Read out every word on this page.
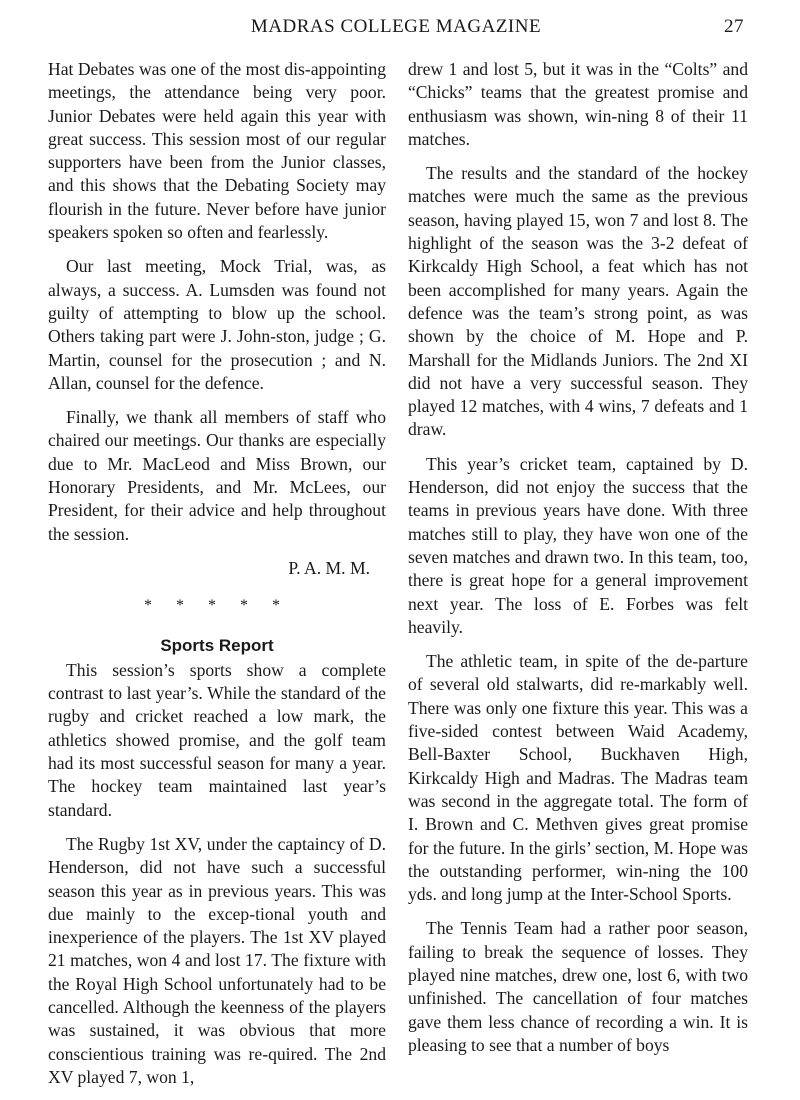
MADRAS COLLEGE MAGAZINE	27

Hat Debates was one of the most dis-appointing meetings, the attendance being very poor. Junior Debates were held again this year with great success. This session most of our regular supporters have been from the Junior classes, and this shows that the Debating Society may flourish in the future. Never before have junior speakers spoken so often and fearlessly.

Our last meeting, Mock Trial, was, as always, a success. A. Lumsden was found not guilty of attempting to blow up the school. Others taking part were J. John-ston, judge ; G. Martin, counsel for the prosecution ; and N. Allan, counsel for the defence.

Finally, we thank all members of staff who chaired our meetings. Our thanks are especially due to Mr. MacLeod and Miss Brown, our Honorary Presidents, and Mr. McLees, our President, for their advice and help throughout the session.

P. A. M. M.
* * * * *
Sports Report

This session’s sports show a complete contrast to last year’s. While the standard of the rugby and cricket reached a low mark, the athletics showed promise, and the golf team had its most successful season for many a year. The hockey team maintained last year’s standard.

The Rugby 1st XV, under the captaincy of D. Henderson, did not have such a successful season this year as in previous years. This was due mainly to the excep-tional youth and inexperience of the players. The 1st XV played 21 matches, won 4 and lost 17. The fixture with the Royal High School unfortunately had to be cancelled. Although the keenness of the players was sustained, it was obvious that more conscientious training was re-quired. The 2nd XV played 7, won 1,

drew 1 and lost 5, but it was in the “Colts” and “Chicks” teams that the greatest promise and enthusiasm was shown, win-ning 8 of their 11 matches.

The results and the standard of the hockey matches were much the same as the previous season, having played 15, won 7 and lost 8. The highlight of the season was the 3-2 defeat of Kirkcaldy High School, a feat which has not been accomplished for many years. Again the defence was the team’s strong point, as was shown by the choice of M. Hope and P. Marshall for the Midlands Juniors. The 2nd XI did not have a very successful season. They played 12 matches, with 4 wins, 7 defeats and 1 draw.

This year’s cricket team, captained by D. Henderson, did not enjoy the success that the teams in previous years have done. With three matches still to play, they have won one of the seven matches and drawn two. In this team, too, there is great hope for a general improvement next year. The loss of E. Forbes was felt heavily.

The athletic team, in spite of the de-parture of several old stalwarts, did re-markably well. There was only one fixture this year. This was a five-sided contest between Waid Academy, Bell-Baxter School, Buckhaven High, Kirkcaldy High and Madras. The Madras team was second in the aggregate total. The form of I. Brown and C. Methven gives great promise for the future. In the girls’ section, M. Hope was the outstanding performer, win-ning the 100 yds. and long jump at the Inter-School Sports.

The Tennis Team had a rather poor season, failing to break the sequence of losses. They played nine matches, drew one, lost 6, with two unfinished. The cancellation of four matches gave them less chance of recording a win. It is pleasing to see that a number of boys
